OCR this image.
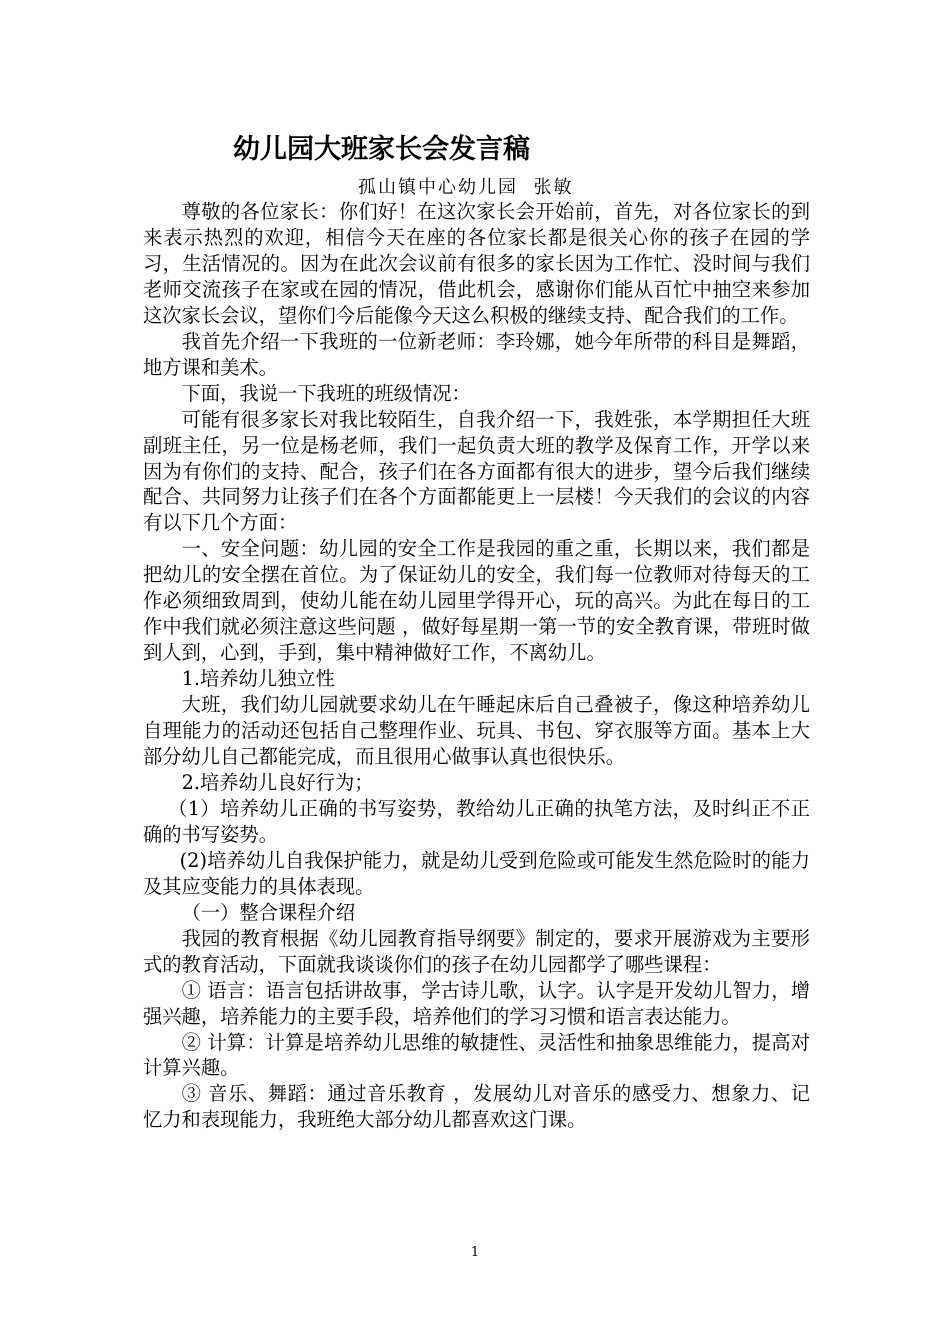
幼儿园大班家长会发言稿
孤山镇中心幼儿园  张敏

尊敬的各位家长：你们好！在这次家长会开始前，首先，对各位家长的到来表示热烈的欢迎，相信今天在座的各位家长都是很关心你的孩子在园的学习，生活情况的。因为在此次会议前有很多的家长因为工作忙、没时间与我们老师交流孩子在家或在园的情况，借此机会，感谢你们能从百忙中抽空来参加这次家长会议，望你们今后能像今天这么积极的继续支持、配合我们的工作。

我首先介绍一下我班的一位新老师：李玲娜，她今年所带的科目是舞蹈，地方课和美术。

下面，我说一下我班的班级情况：

可能有很多家长对我比较陌生，自我介绍一下，我姓张，本学期担任大班副班主任，另一位是杨老师，我们一起负责大班的教学及保育工作，开学以来因为有你们的支持、配合，孩子们在各方面都有很大的进步，望今后我们继续配合、共同努力让孩子们在各个方面都能更上一层楼！今天我们的会议的内容有以下几个方面：

一、安全问题：幼儿园的安全工作是我园的重之重，长期以来，我们都是把幼儿的安全摆在首位。为了保证幼儿的安全，我们每一位教师对待每天的工作必须细致周到，使幼儿能在幼儿园里学得开心，玩的高兴。为此在每日的工作中我们就必须注意这些问题 ，做好每星期一第一节的安全教育课，带班时做到人到，心到，手到，集中精神做好工作，不离幼儿。

1.培养幼儿独立性

大班，我们幼儿园就要求幼儿在午睡起床后自己叠被子，像这种培养幼儿自理能力的活动还包括自己整理作业、玩具、书包、穿衣服等方面。基本上大部分幼儿自己都能完成，而且很用心做事认真也很快乐。

2.培养幼儿良好行为；

（1）培养幼儿正确的书写姿势，教给幼儿正确的执笔方法，及时纠正不正确的书写姿势。

(2)培养幼儿自我保护能力，就是幼儿受到危险或可能发生然危险时的能力及其应变能力的具体表现。

（一）整合课程介绍

我园的教育根据《幼儿园教育指导纲要》制定的，要求开展游戏为主要形式的教育活动，下面就我谈谈你们的孩子在幼儿园都学了哪些课程：

① 语言：语言包括讲故事，学古诗儿歌，认字。认字是开发幼儿智力，增强兴趣，培养能力的主要手段，培养他们的学习习惯和语言表达能力。

② 计算：计算是培养幼儿思维的敏捷性、灵活性和抽象思维能力，提高对计算兴趣。

③ 音乐、舞蹈：通过音乐教育 ，发展幼儿对音乐的感受力、想象力、记忆力和表现能力，我班绝大部分幼儿都喜欢这门课。

1
